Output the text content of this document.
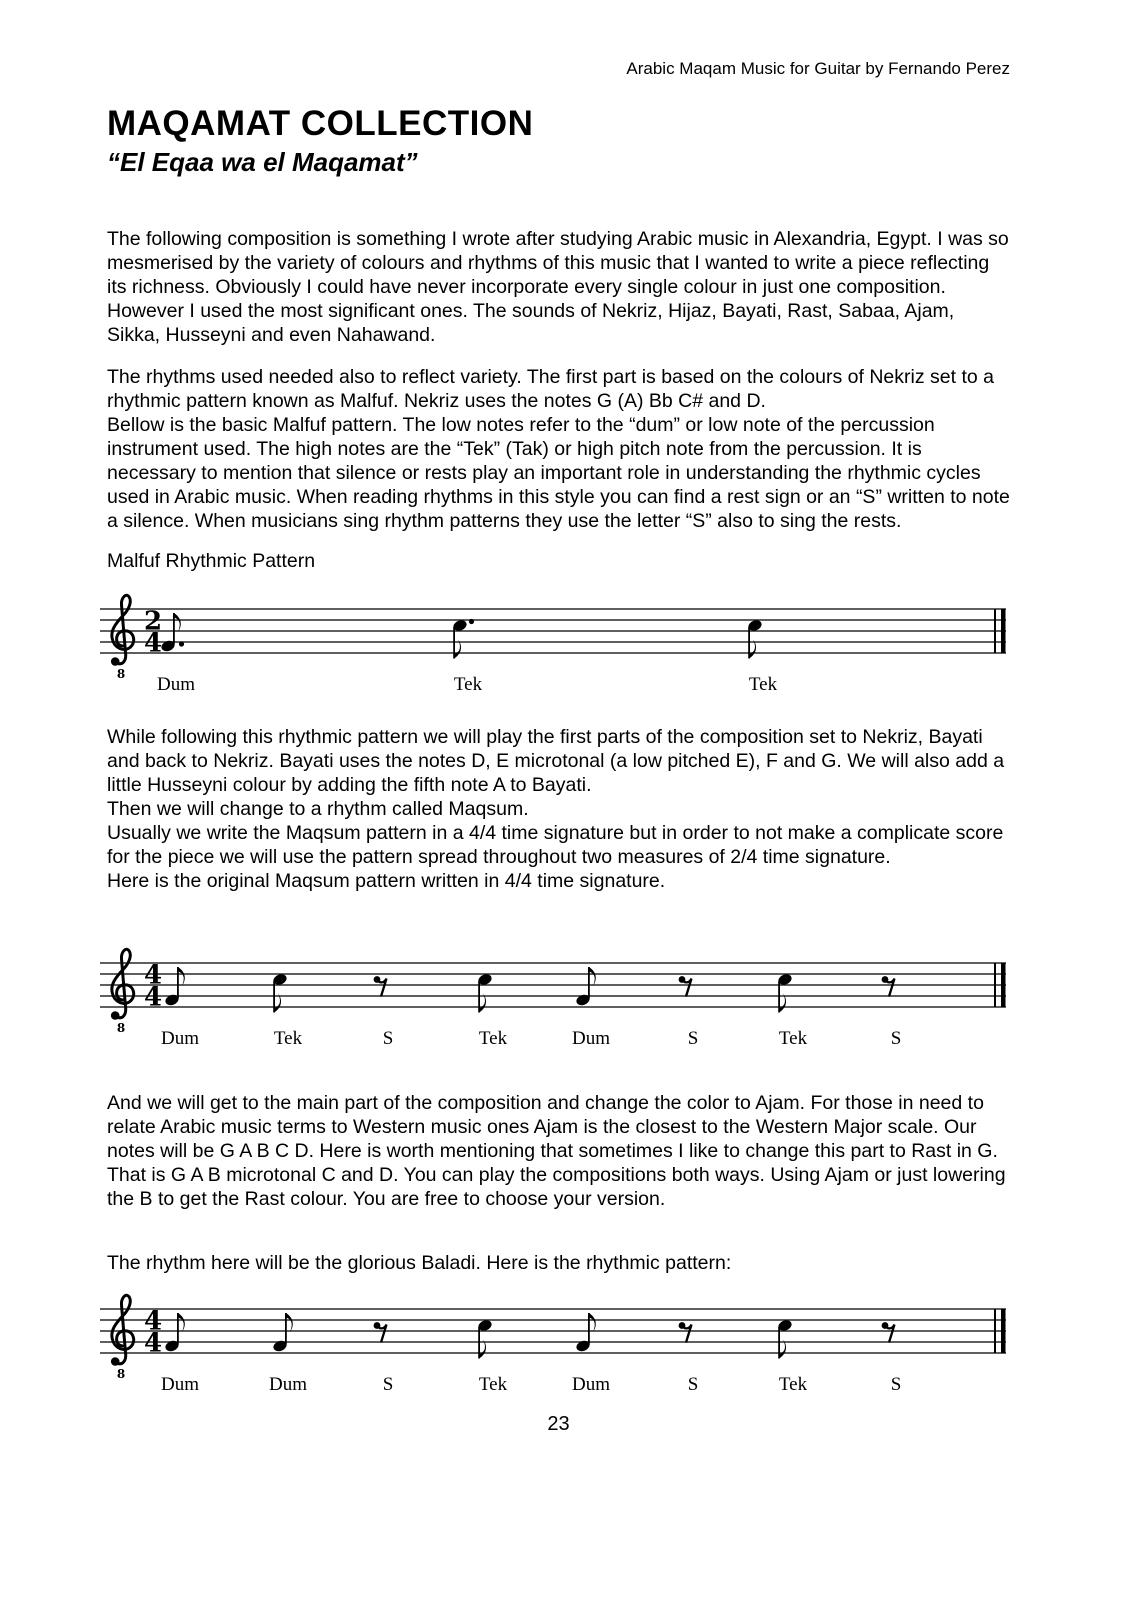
Arabic Maqam Music for Guitar by Fernando Perez
MAQAMAT COLLECTION
“El Eqaa wa el Maqamat”
The following composition is something I wrote after studying Arabic music in Alexandria, Egypt. I was so mesmerised by the variety of colours and rhythms of this music that I wanted to write a piece reflecting its richness. Obviously I could have never incorporate every single colour in just one composition. However I used the most significant ones. The sounds of Nekriz, Hijaz, Bayati, Rast, Sabaa, Ajam, Sikka, Husseyni and even Nahawand.
The rhythms used needed also to reflect variety. The first part is based on the colours of Nekriz set to a rhythmic pattern known as Malfuf. Nekriz uses the notes G (A) Bb C# and D.
Bellow is the basic Malfuf pattern. The low notes refer to the “dum” or low note of the percussion instrument used. The high notes are the “Tek” (Tak) or high pitch note from the percussion. It is necessary to mention that silence or rests play an important role in understanding the rhythmic cycles used in Arabic music. When reading rhythms in this style you can find a rest sign or an “S” written to note a silence. When musicians sing rhythm patterns they use the letter “S” also to sing the rests.
Malfuf Rhythmic Pattern
8
2
4
Dum	Tek	Tek
While following this rhythmic pattern we will play the first parts of the composition set to Nekriz, Bayati and back to Nekriz. Bayati uses the notes D, E microtonal (a low pitched E), F and G. We will also add a little Husseyni colour by adding the fifth note A to Bayati.
Then we will change to a rhythm called Maqsum.
Usually we write the Maqsum pattern in a 4/4 time signature but in order to not make a complicate score for the piece we will use the pattern spread throughout two measures of 2/4 time signature.
Here is the original Maqsum pattern written in 4/4 time signature.
8
4
4
Dum	Tek	S	Tek	Dum	S	Tek	S
And we will get to the main part of the composition and change the color to Ajam. For those in need to relate Arabic music terms to Western music ones Ajam is the closest to the Western Major scale. Our notes will be G A B C D. Here is worth mentioning that sometimes I like to change this part to Rast in G. That is G A B microtonal C and D. You can play the compositions both ways. Using Ajam or just lowering the B to get the Rast colour. You are free to choose your version.
The rhythm here will be the glorious Baladi. Here is the rhythmic pattern:
8
4
4
Dum	Dum	S	Tek	Dum	S	Tek	S
23
